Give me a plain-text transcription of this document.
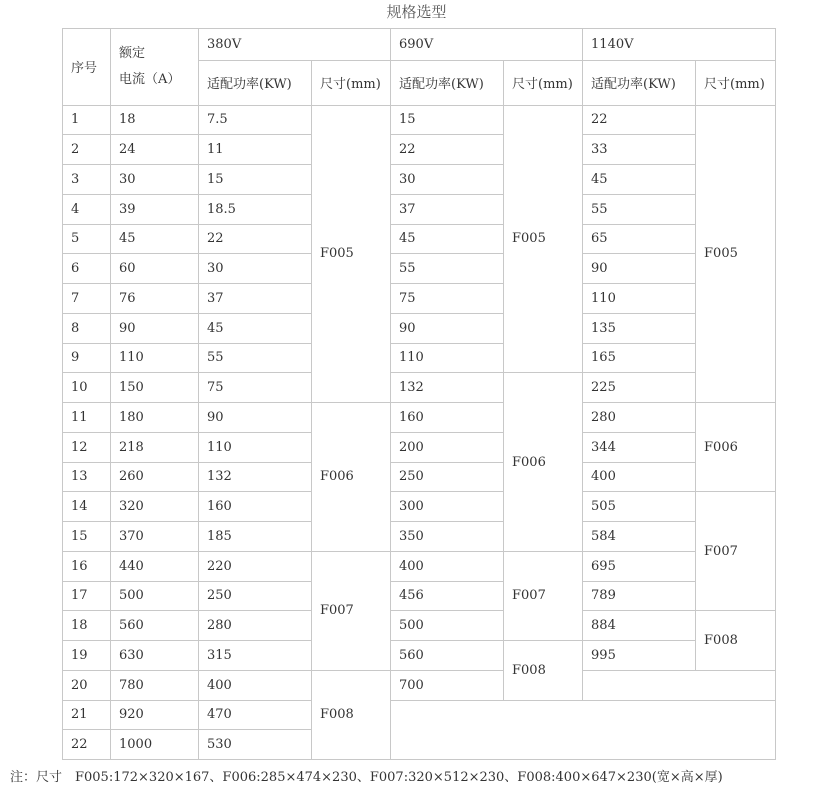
规格选型
序号	额定
电流（A）	380V		690V		1140V	
		适配功率(KW)	尺寸(mm)	适配功率(KW)	尺寸(mm)	适配功率(KW)	尺寸(mm)
1	18	7.5	F005	15	F005	22	F005
2	24	11		22		33	
3	30	15		30		45	
4	39	18.5		37		55	
5	45	22		45		65	
6	60	30		55		90	
7	76	37		75		110	
8	90	45		90		135	
9	110	55		110		165	
10	150	75		132	F006	225	
11	180	90	F006	160		280	F006
12	218	110		200		344	
13	260	132		250		400	
14	320	160		300		505	F007
15	370	185		350		584	
16	440	220	F007	400	F007	695	
17	500	250		456		789	
18	560	280		500		884	F008
19	630	315		560	F008	995	
20	780	400	F008	700			
21	920	470					
22	1000	530					
注：尺寸　F005:172×320×167、F006:285×474×230、F007:320×512×230、F008:400×647×230(宽×高×厚)
